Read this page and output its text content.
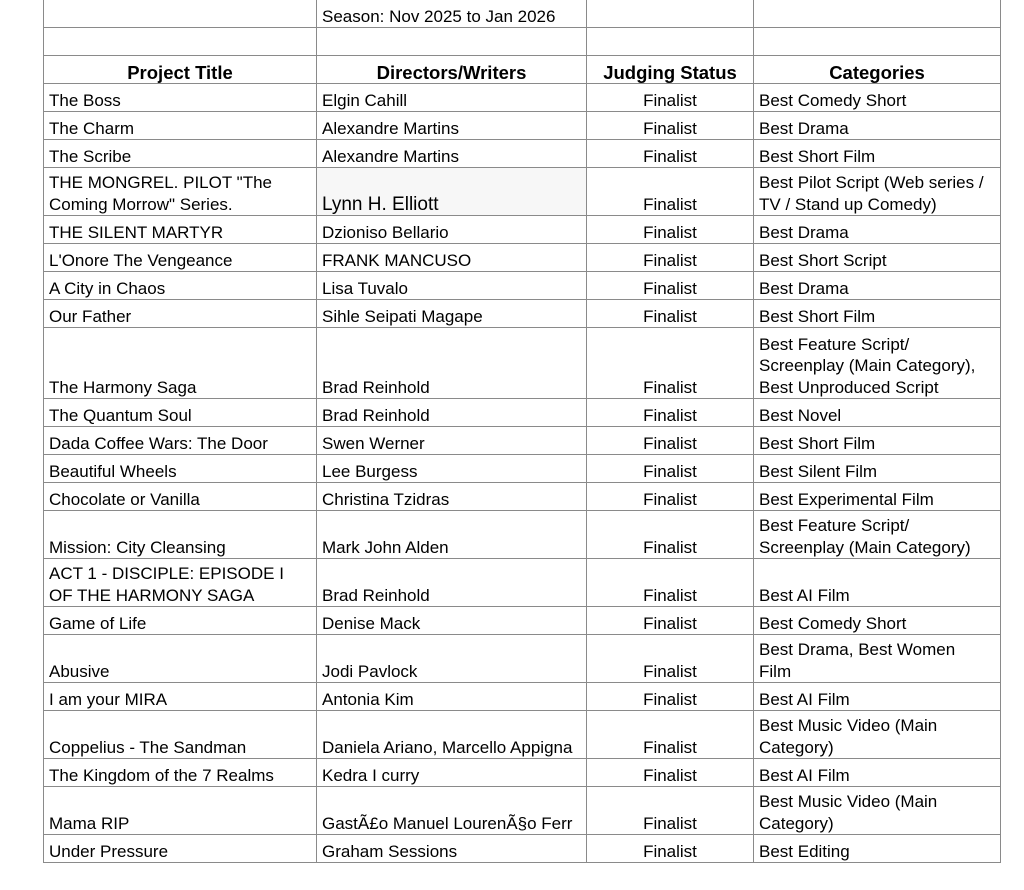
	Season: Nov 2025 to Jan 2026		

Project Title	Directors/Writers	Judging Status	Categories
The Boss	Elgin Cahill	Finalist	Best Comedy Short
The Charm	Alexandre Martins	Finalist	Best Drama
The Scribe	Alexandre Martins	Finalist	Best Short Film
THE MONGREL. PILOT "The
Coming Morrow" Series.	Lynn H. Elliott	Finalist	Best Pilot Script (Web series /
TV / Stand up Comedy)
THE SILENT MARTYR	Dzioniso Bellario	Finalist	Best Drama
L'Onore The Vengeance	FRANK MANCUSO	Finalist	Best Short Script
A City in Chaos	Lisa Tuvalo	Finalist	Best Drama
Our Father	Sihle Seipati Magape	Finalist	Best Short Film
The Harmony Saga	Brad Reinhold	Finalist	Best Feature Script/
Screenplay (Main Category),
Best Unproduced Script
The Quantum Soul	Brad Reinhold	Finalist	Best Novel
Dada Coffee Wars: The Door	Swen Werner	Finalist	Best Short Film
Beautiful Wheels	Lee Burgess	Finalist	Best Silent Film
Chocolate or Vanilla	Christina Tzidras	Finalist	Best Experimental Film
Mission: City Cleansing	Mark John Alden	Finalist	Best Feature Script/
Screenplay (Main Category)
ACT 1 - DISCIPLE: EPISODE I
OF THE HARMONY SAGA	Brad Reinhold	Finalist	Best AI Film
Game of Life	Denise Mack	Finalist	Best Comedy Short
Abusive	Jodi Pavlock	Finalist	Best Drama, Best Women
Film
I am your MIRA	Antonia Kim	Finalist	Best AI Film
Coppelius - The Sandman	Daniela Ariano, Marcello Appigna	Finalist	Best Music Video (Main
Category)
The Kingdom of the 7 Realms	Kedra I curry	Finalist	Best AI Film
Mama RIP	GastÃ£o Manuel LourenÃ§o Ferr	Finalist	Best Music Video (Main
Category)
Under Pressure	Graham Sessions	Finalist	Best Editing
